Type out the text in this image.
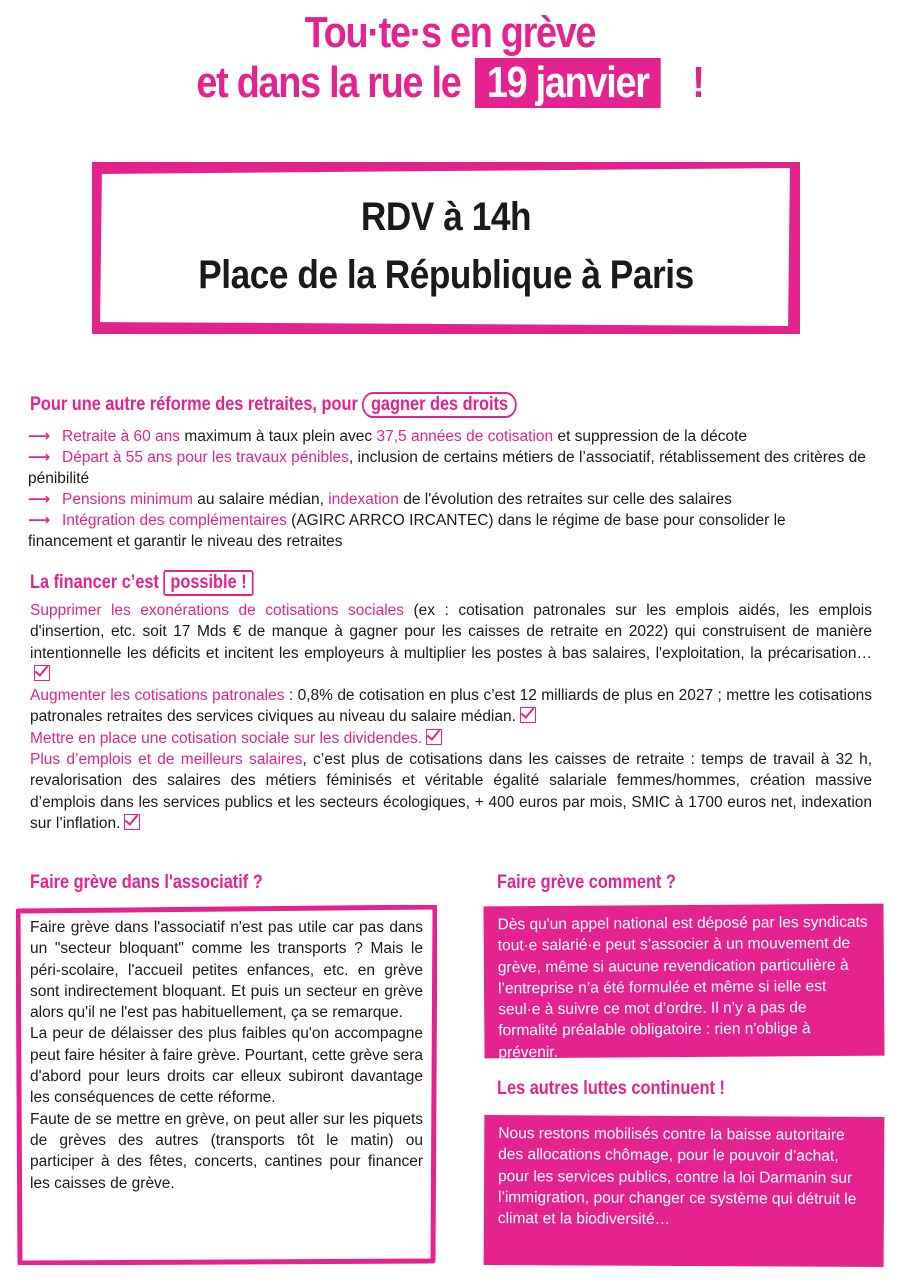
Tou·te·s en grève
et dans la rue le 19 janvier !
RDV à 14h
Place de la République à Paris
Pour une autre réforme des retraites, pour gagner des droits
⟶ Retraite à 60 ans maximum à taux plein avec 37,5 années de cotisation et suppression de la décote
⟶ Départ à 55 ans pour les travaux pénibles, inclusion de certains métiers de l’associatif, rétablissement des critères de pénibilité
⟶ Pensions minimum au salaire médian, indexation de l'évolution des retraites sur celle des salaires
⟶ Intégration des complémentaires (AGIRC ARRCO IRCANTEC) dans le régime de base pour consolider le financement et garantir le niveau des retraites
La financer c’est possible !

Supprimer les exonérations de cotisations sociales (ex : cotisation patronales sur les emplois aidés, les emplois d'insertion, etc. soit 17 Mds € de manque à gagner pour les caisses de retraite en 2022) qui construisent de manière intentionnelle les déficits et incitent les employeurs à multiplier les postes à bas salaires, l'exploitation, la précarisation…

Augmenter les cotisations patronales : 0,8% de cotisation en plus c’est 12 milliards de plus en 2027 ; mettre les cotisations patronales retraites des services civiques au niveau du salaire médian.

Mettre en place une cotisation sociale sur les dividendes.

Plus d’emplois et de meilleurs salaires, c’est plus de cotisations dans les caisses de retraite : temps de travail à 32 h, revalorisation des salaires des métiers féminisés et véritable égalité salariale femmes/hommes, création massive d’emplois dans les services publics et les secteurs écologiques, + 400 euros par mois, SMIC à 1700 euros net, indexation sur l’inflation.

Faire grève dans l'associatif ?

Faire grève dans l'associatif n'est pas utile car pas dans un "secteur bloquant" comme les transports ? Mais le péri-scolaire, l'accueil petites enfances, etc. en grève sont indirectement bloquant. Et puis un secteur en grève alors qu'il ne l'est pas habituellement, ça se remarque.

La peur de délaisser des plus faibles qu'on accompagne peut faire hésiter à faire grève. Pourtant, cette grève sera d'abord pour leurs droits car elleux subiront davantage les conséquences de cette réforme.

Faute de se mettre en grève, on peut aller sur les piquets de grèves des autres (transports tôt le matin) ou participer à des fêtes, concerts, cantines pour financer les caisses de grève.

Faire grève comment ?
Dès qu'un appel national est déposé par les syndicats tout·e salarié·e peut s’associer à un mouvement de grève, même si aucune revendication particulière à l’entreprise n’a été formulée et même si ielle est seul·e à suivre ce mot d’ordre. Il n’y a pas de formalité préalable obligatoire : rien n'oblige à prévenir.
Les autres luttes continuent !
Nous restons mobilisés contre la baisse autoritaire des allocations chômage, pour le pouvoir d’achat, pour les services publics, contre la loi Darmanin sur l’immigration, pour changer ce système qui détruit le climat et la biodiversité…
